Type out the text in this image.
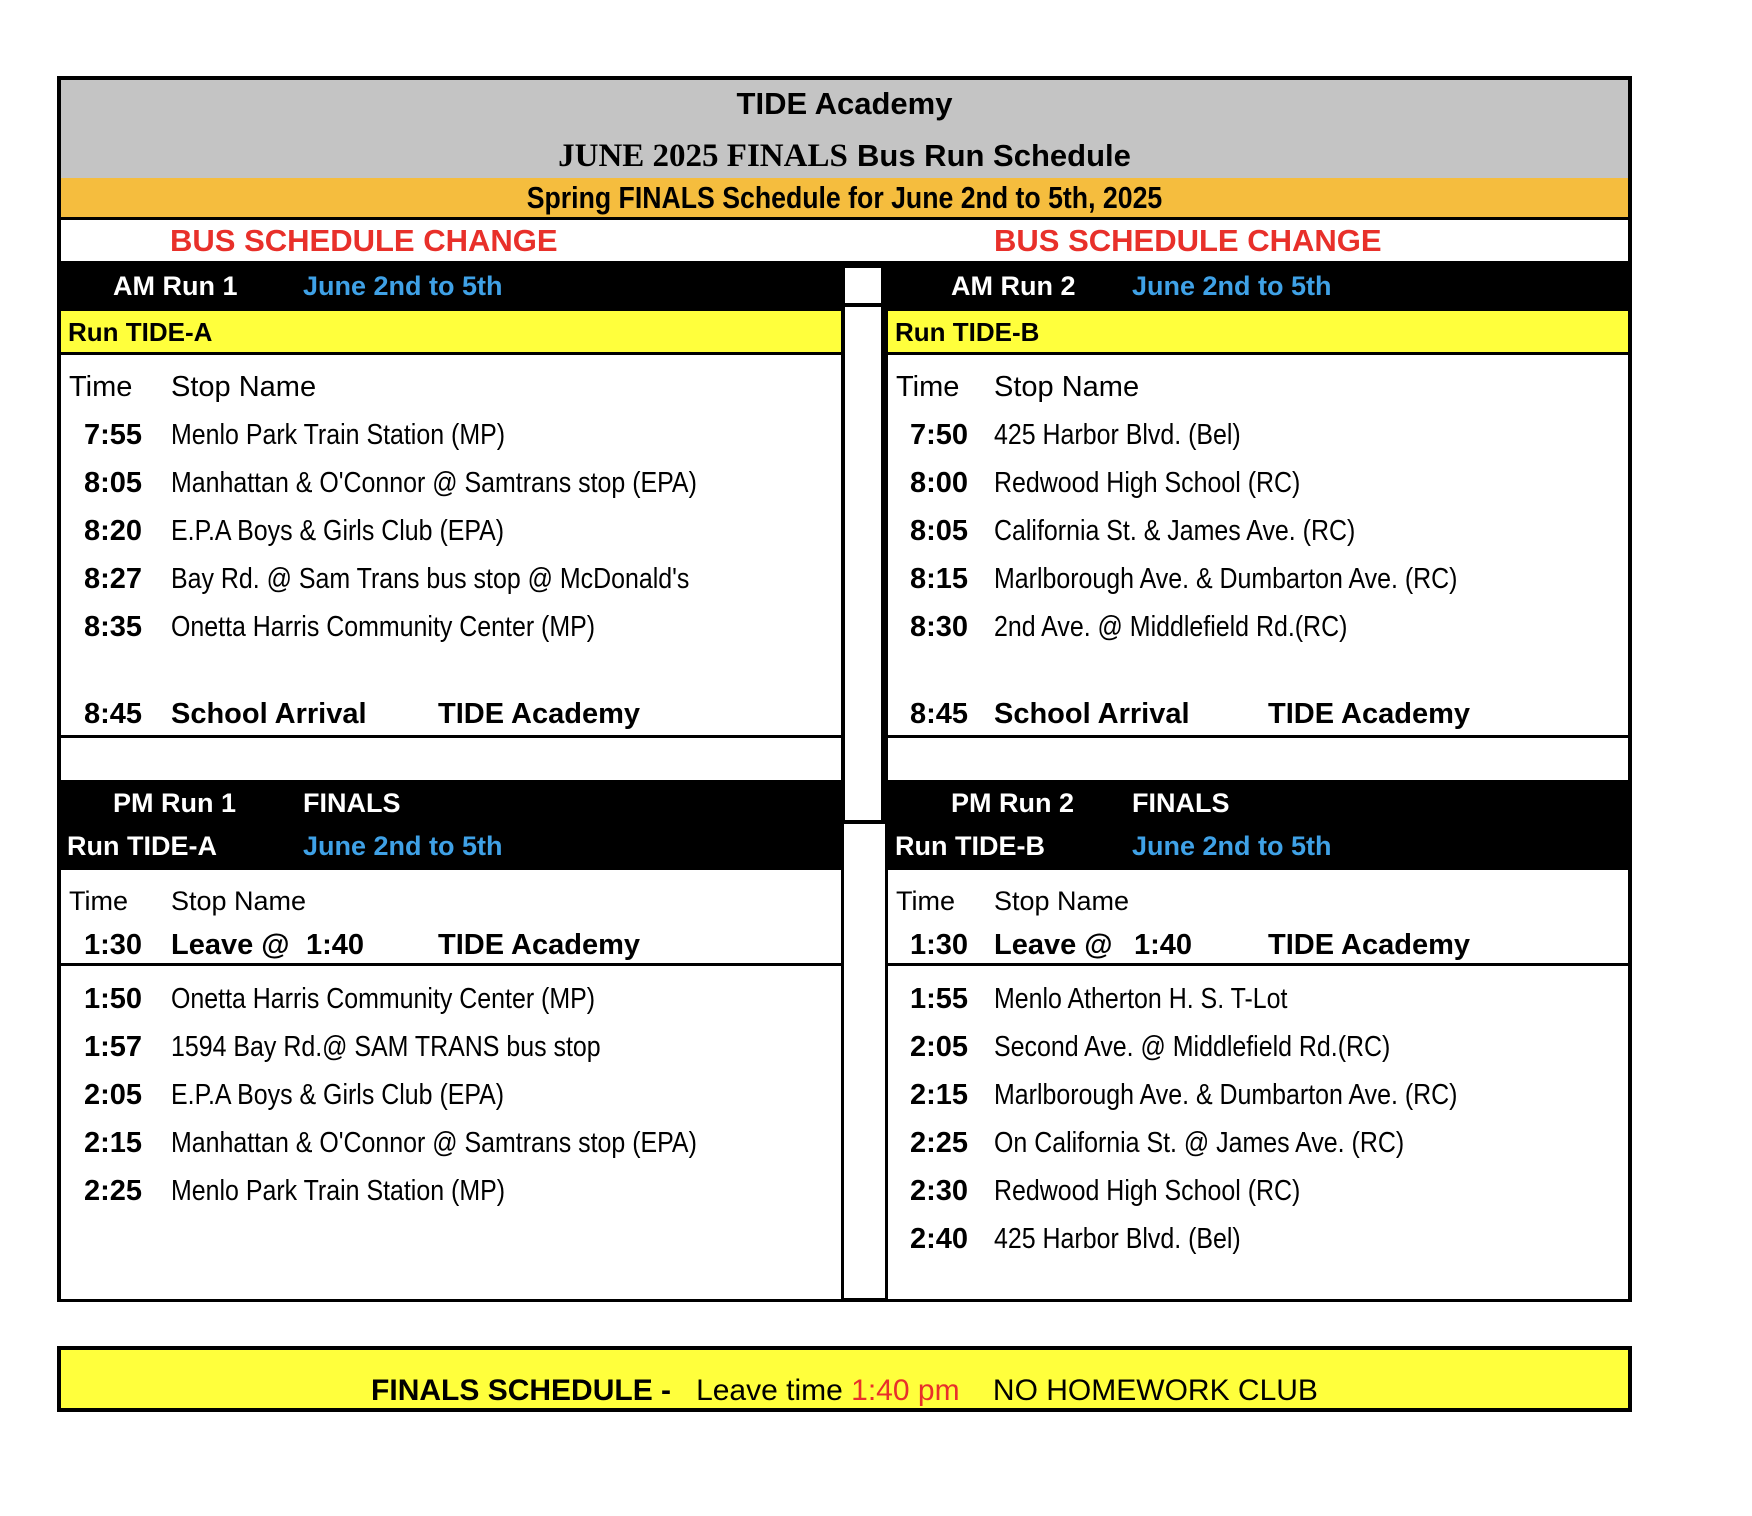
TIDE Academy
JUNE 2025 FINALS Bus Run Schedule
Spring FINALS Schedule for June 2nd to 5th, 2025
BUS SCHEDULE CHANGE	BUS SCHEDULE CHANGE
AM Run 1 June 2nd to 5th
Run TIDE-A
Time Stop Name
7:55 Menlo Park Train Station (MP)
8:05 Manhattan & O'Connor @ Samtrans stop (EPA)
8:20 E.P.A Boys & Girls Club (EPA)
8:27 Bay Rd. @ Sam Trans bus stop @ McDonald's
8:35 Onetta Harris Community Center (MP)
8:45 School Arrival TIDE Academy
AM Run 2 June 2nd to 5th
Run TIDE-B
Time Stop Name
7:50 425 Harbor Blvd. (Bel)
8:00 Redwood High School (RC)
8:05 California St. & James Ave. (RC)
8:15 Marlborough Ave. & Dumbarton Ave. (RC)
8:30 2nd Ave. @ Middlefield Rd.(RC)
8:45 School Arrival	TIDE Academy
PM Run 1 FINALS
Run TIDE-A	June 2nd to 5th
Time Stop Name
1:30 Leave @ 1:40	TIDE Academy
1:50 Onetta Harris Community Center (MP)
1:57 1594 Bay Rd.@ SAM TRANS bus stop
2:05 E.P.A Boys & Girls Club (EPA)
2:15 Manhattan & O'Connor @ Samtrans stop (EPA)
2:25 Menlo Park Train Station (MP)
PM Run 2 FINALS
Run TIDE-B	June 2nd to 5th
Time Stop Name
1:30 Leave @ 1:40	TIDE Academy
1:55 Menlo Atherton H. S. T-Lot
2:05 Second Ave. @ Middlefield Rd.(RC)
2:15 Marlborough Ave. & Dumbarton Ave. (RC)
2:25 On California St. @ James Ave. (RC)
2:30 Redwood High School (RC)
2:40 425 Harbor Blvd. (Bel)
FINALS SCHEDULE - Leave time 1:40 pm NO HOMEWORK CLUB
